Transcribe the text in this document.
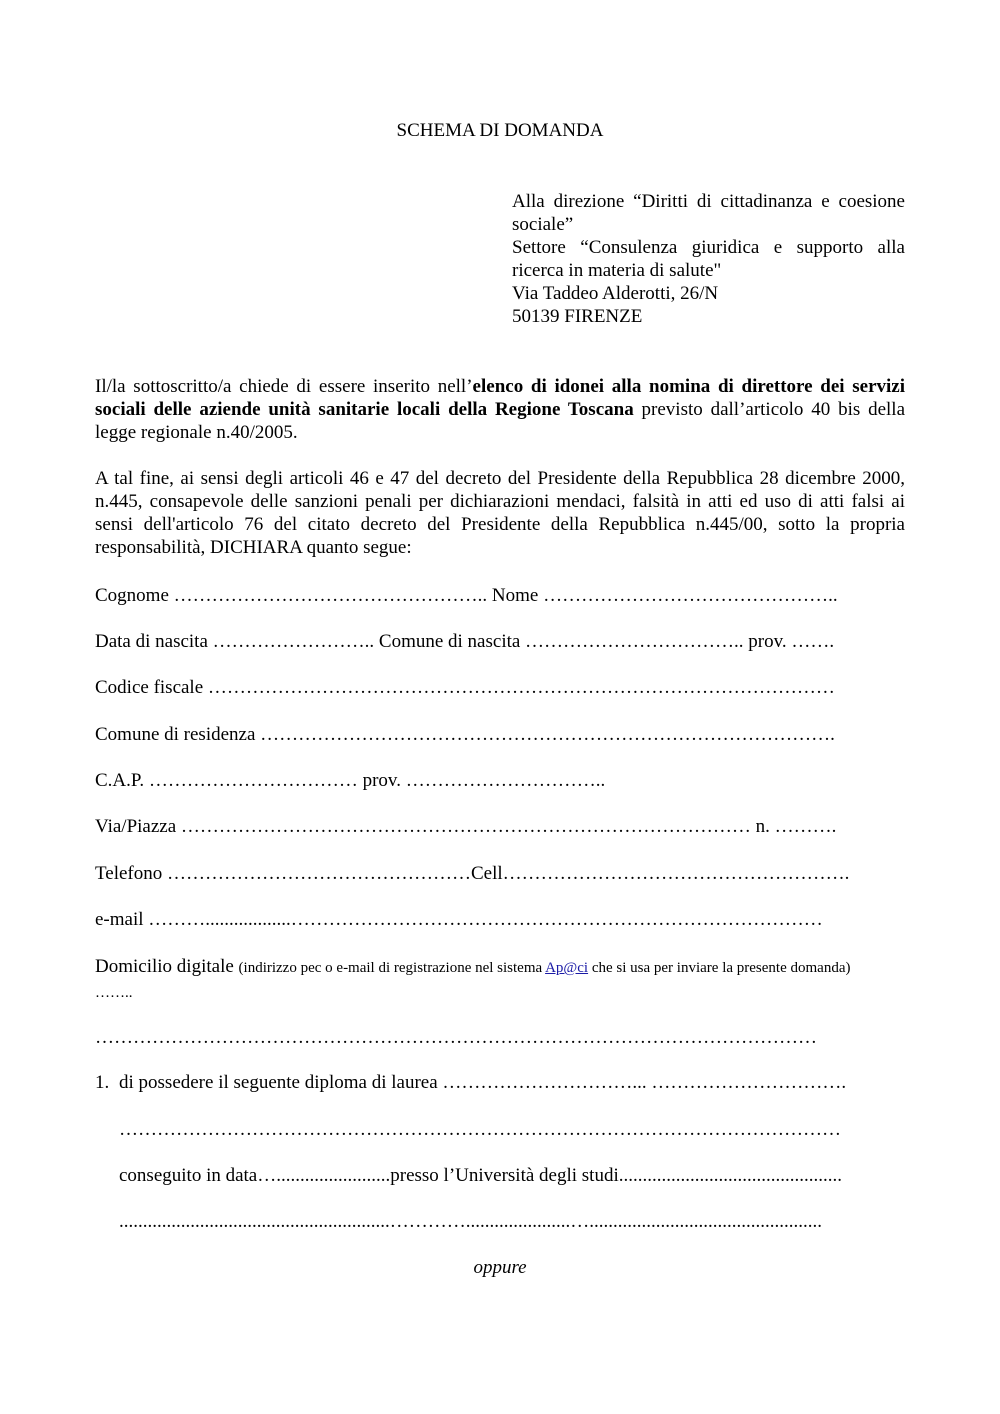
SCHEMA DI DOMANDA
Alla direzione “Diritti di cittadinanza e coesione
sociale”
Settore “Consulenza giuridica e supporto alla
ricerca in materia di salute"
Via Taddeo Alderotti, 26/N
50139 FIRENZE
Il/la sottoscritto/a chiede di essere inserito nell’elenco di idonei alla nomina di direttore dei servizi sociali delle aziende unità sanitarie locali della Regione Toscana previsto dall’articolo 40 bis della legge regionale n.40/2005.
A tal fine, ai sensi degli articoli 46 e 47 del decreto del Presidente della Repubblica 28 dicembre 2000, n.445, consapevole delle sanzioni penali per dichiarazioni mendaci, falsità in atti ed uso di atti falsi ai sensi dell'articolo 76 del citato decreto del Presidente della Repubblica n.445/00, sotto la propria responsabilità, DICHIARA quanto segue:
Cognome ………………………………………….. Nome ………………………………………..
Data di nascita …………………….. Comune di nascita …………………………….. prov. …….
Codice fiscale ………………………………………………………………………………………
Comune di residenza ……………………………………………………………………………….
C.A.P. …………………………… prov. …………………………..
Via/Piazza ……………………………………………………………………………… n. ……….
Telefono …………………………………………Cell……………………………………………….
e-mail ………..................…………………………………………………………………………
Domicilio digitale (indirizzo pec o e-mail di registrazione nel sistema Ap@ci che si usa per inviare la presente domanda)
……..
……………………………………………………………………………………………………
1. di possedere il seguente diploma di laurea …………………………... ………………………….
……………………………………………………………………………………………………
conseguito in data…........................presso l’Università degli studi...............................................
.........................................................…………......................….................................................
oppure
